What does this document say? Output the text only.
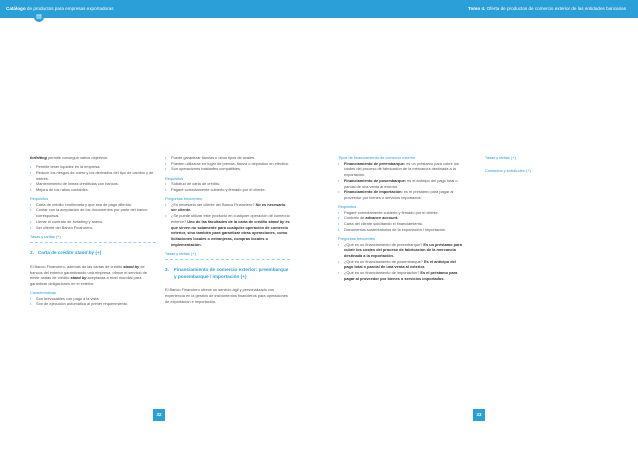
Catálogo de productos para empresas exportadoras	Tomo 4. Oferta de productos de comercio exterior de las entidades bancarias
▤	Banco Financiero
forfaiting permite conseguir varios objetivos:
• Permite tener liquidez en la empresa.
• Reducir los riesgos de cobro y los derivados del tipo de cambio y de interés.
• Mantenimiento de líneas crediticias con bancos.
• Mejora de los ratios contables.
Requisitos
• Carta de crédito confirmada y que sea de pago diferido.
• Contar con la aceptación de los documentos por parte del banco corresponsal.
• Llenar el contrato de forfaiting y anexo.
• Ser cliente del Banco Financiero.
Tasas y tarifas (+)
2. Carta de crédito stand by (+)
El Banco Financiero, además de las cartas de crédito stand by de bancos del exterior garantizando una empresa, ofrece el servicio de emitir cartas de crédito stand by aceptadas a nivel mundial para garantizar obligaciones en el exterior.
Características
• Son irrevocables con pago a la vista.
• Son de ejecución automática al primer requerimiento.
• Puede garantizar fianzas u otros tipos de avales.
• Pueden utilizarse en lugar de prenda, fianza o depósitos en efectivo.
• Son operaciones bastantes compatibles.
Requisitos
• Solicitud de carta de crédito.
• Pagaré correctamente cubierto y firmado por el cliente.
Preguntas frecuentes
• ¿Es necesario ser cliente del Banco Financiero? No es necesario ser cliente.
• ¿Se puede utilizar este producto en cualquier operación de comercio exterior? Uno de las facultades de la carta de crédito stand by es que sirven no solamente para cualquier operación de comercio exterior, sino también para garantizar otras operaciones, como licitaciones locales o extranjeras, compras locales o implementación.
Tasas y tarifas (+)
3.	Financiamiento de comercio exterior: preembarque y posembarque / importación (+)
El Banco Financiero ofrece un servicio ágil y personalizado con experiencia en la gestión de instrumentos financieros para operaciones de exportación e importación.
Tipos de financiamiento de comercio exterior
• Financiamiento de preembarque: es un préstamo para cubrir los costes del proceso de fabricación de la mercancía destinada a la exportación.
• Financiamiento de posembarque: es el anticipo del pago total o parcial de una venta al exterior.
• Financiamiento de importación: es el préstamo para pagar al proveedor por bienes o servicios importados.
Requisitos
• Pagaré correctamente cubierto y firmado por el cliente.
• Contrato de advance account.
• Carta del cliente solicitando el financiamiento.
• Documentos sustentatorios de la exportación / importación.
Preguntas frecuentes
• ¿Qué es un financiamiento de preembarque? Es un préstamo para cubrir los costes del proceso de fabricación de la mercancía destinada a la exportación.
• ¿Qué es un financiamiento de posembarque? Es el anticipo del pago total o parcial de una venta al exterior.
• ¿Qué es un financiamiento de importación? Es el préstamo para pagar al proveedor por bienes o servicios importados.
Tasas y tarifas (+)
Contactos y solicitudes (+)
32	33
